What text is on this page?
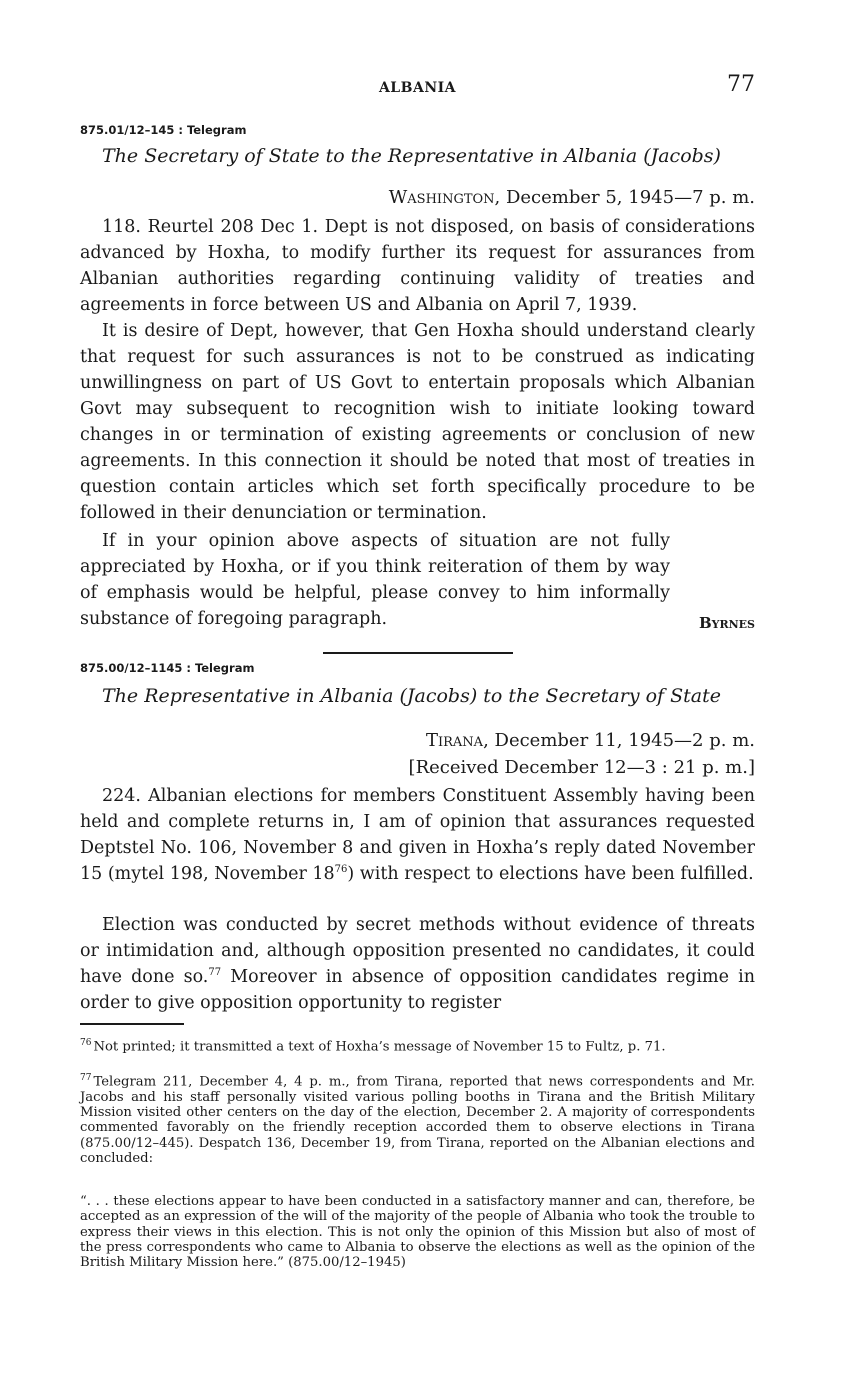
ALBANIA	77
875.01/12–145 : Telegram
The Secretary of State to the Representative in Albania (Jacobs)
Washington, December 5, 1945—7 p. m.

118. Reurtel 208 Dec 1. Dept is not disposed, on basis of considerations advanced by Hoxha, to modify further its request for assurances from Albanian authorities regarding continuing validity of treaties and agreements in force between US and Albania on April 7, 1939.

It is desire of Dept, however, that Gen Hoxha should understand clearly that request for such assurances is not to be construed as indicating unwillingness on part of US Govt to entertain proposals which Albanian Govt may subsequent to recognition wish to initiate looking toward changes in or termination of existing agreements or conclusion of new agreements. In this connection it should be noted that most of treaties in question contain articles which set forth specifically procedure to be followed in their denunciation or termination.

If in your opinion above aspects of situation are not fully appreciated by Hoxha, or if you think reiteration of them by way of emphasis would be helpful, please convey to him informally substance of foregoing paragraph.	Byrnes
875.00/12–1145 : Telegram
The Representative in Albania (Jacobs) to the Secretary of State
Tirana, December 11, 1945—2 p. m.
[Received December 12—3 : 21 p. m.]

224. Albanian elections for members Constituent Assembly having been held and complete returns in, I am of opinion that assurances requested Deptstel No. 106, November 8 and given in Hoxha’s reply dated November 15 (mytel 198, November 18$^{76}$) with respect to elections have been fulfilled.

Election was conducted by secret methods without evidence of threats or intimidation and, although opposition presented no candidates, it could have done so.$^{77}$ Moreover in absence of opposition candidates regime in order to give opposition opportunity to register

$^{76}$ Not printed; it transmitted a text of Hoxha’s message of November 15 to Fultz, p. 71.
$^{77}$ Telegram 211, December 4, 4 p. m., from Tirana, reported that news correspondents and Mr. Jacobs and his staff personally visited various polling booths in Tirana and the British Military Mission visited other centers on the day of the election, December 2. A majority of correspondents commented favorably on the friendly reception accorded them to observe elections in Tirana (875.00/12–445). Despatch 136, December 19, from Tirana, reported on the Albanian elections and concluded:
“. . . these elections appear to have been conducted in a satisfactory manner and can, therefore, be accepted as an expression of the will of the majority of the people of Albania who took the trouble to express their views in this election. This is not only the opinion of this Mission but also of most of the press correspondents who came to Albania to observe the elections as well as the opinion of the British Military Mission here.” (875.00/12–1945)
